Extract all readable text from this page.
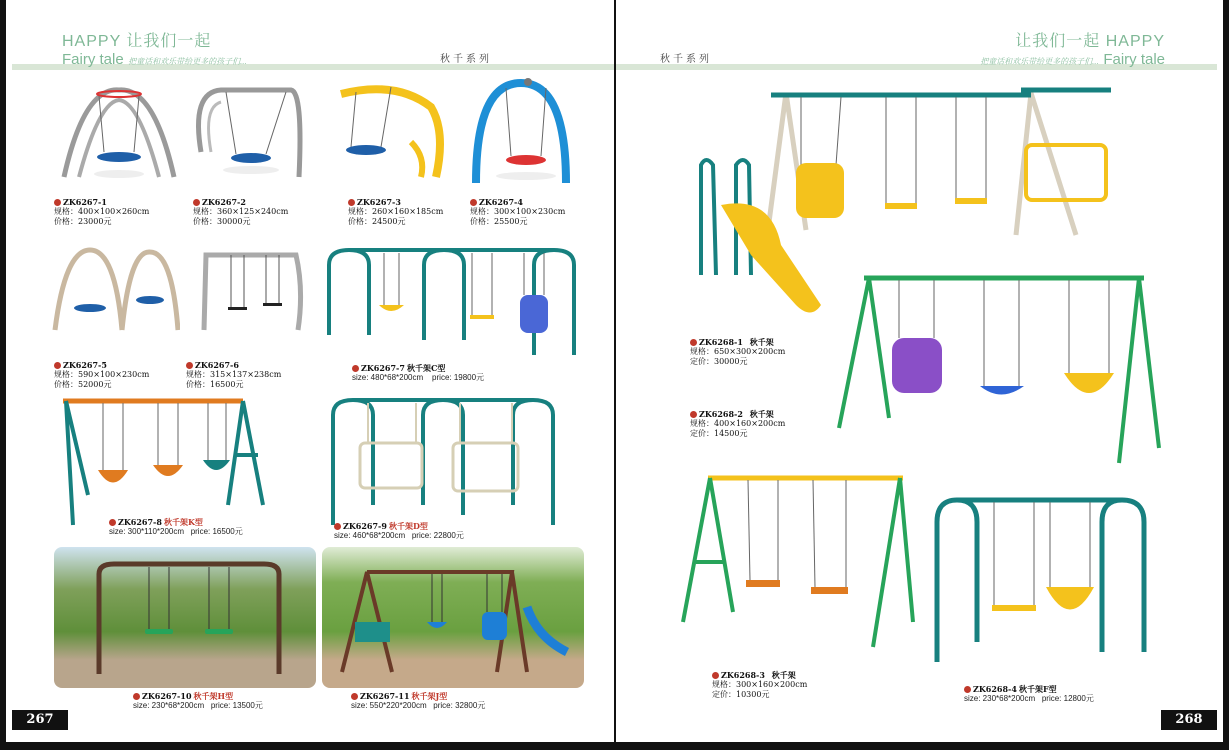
HAPPY 让我们一起
Fairy tale 把童话和欢乐带给更多的孩子们...	秋千系列
ZK6267-1
规格：400×100×260cm
价格：23000元
ZK6267-2
规格：360×125×240cm
价格：30000元
ZK6267-3
规格：260×160×185cm
价格：24500元
ZK6267-4
规格：300×100×230cm
价格：25500元
ZK6267-5
规格：590×100×230cm
价格：52000元
ZK6267-6
规格：315×137×238cm
价格：16500元
ZK6267-7 秋千架C型
size: 480*68*200cm price: 19800元
ZK6267-8 秋千架K型
size: 300*110*200cm price: 16500元
ZK6267-9 秋千架D型
size: 460*68*200cm price: 22800元
ZK6267-10 秋千架H型
size: 230*68*200cm price: 13500元
ZK6267-11 秋千架J型
size: 550*220*200cm price: 32800元
267
秋千系列
让我们一起 HAPPY
把童话和欢乐带给更多的孩子们... Fairy tale
ZK6268-1
秋千架
规格：650×300×200cm
定价：30000元
ZK6268-2
秋千架
规格：400×160×200cm
定价：14500元
ZK6268-3
秋千架
规格：300×160×200cm
定价：10300元
ZK6268-4 秋千架F型
size: 230*68*200cm price: 12800元
268
